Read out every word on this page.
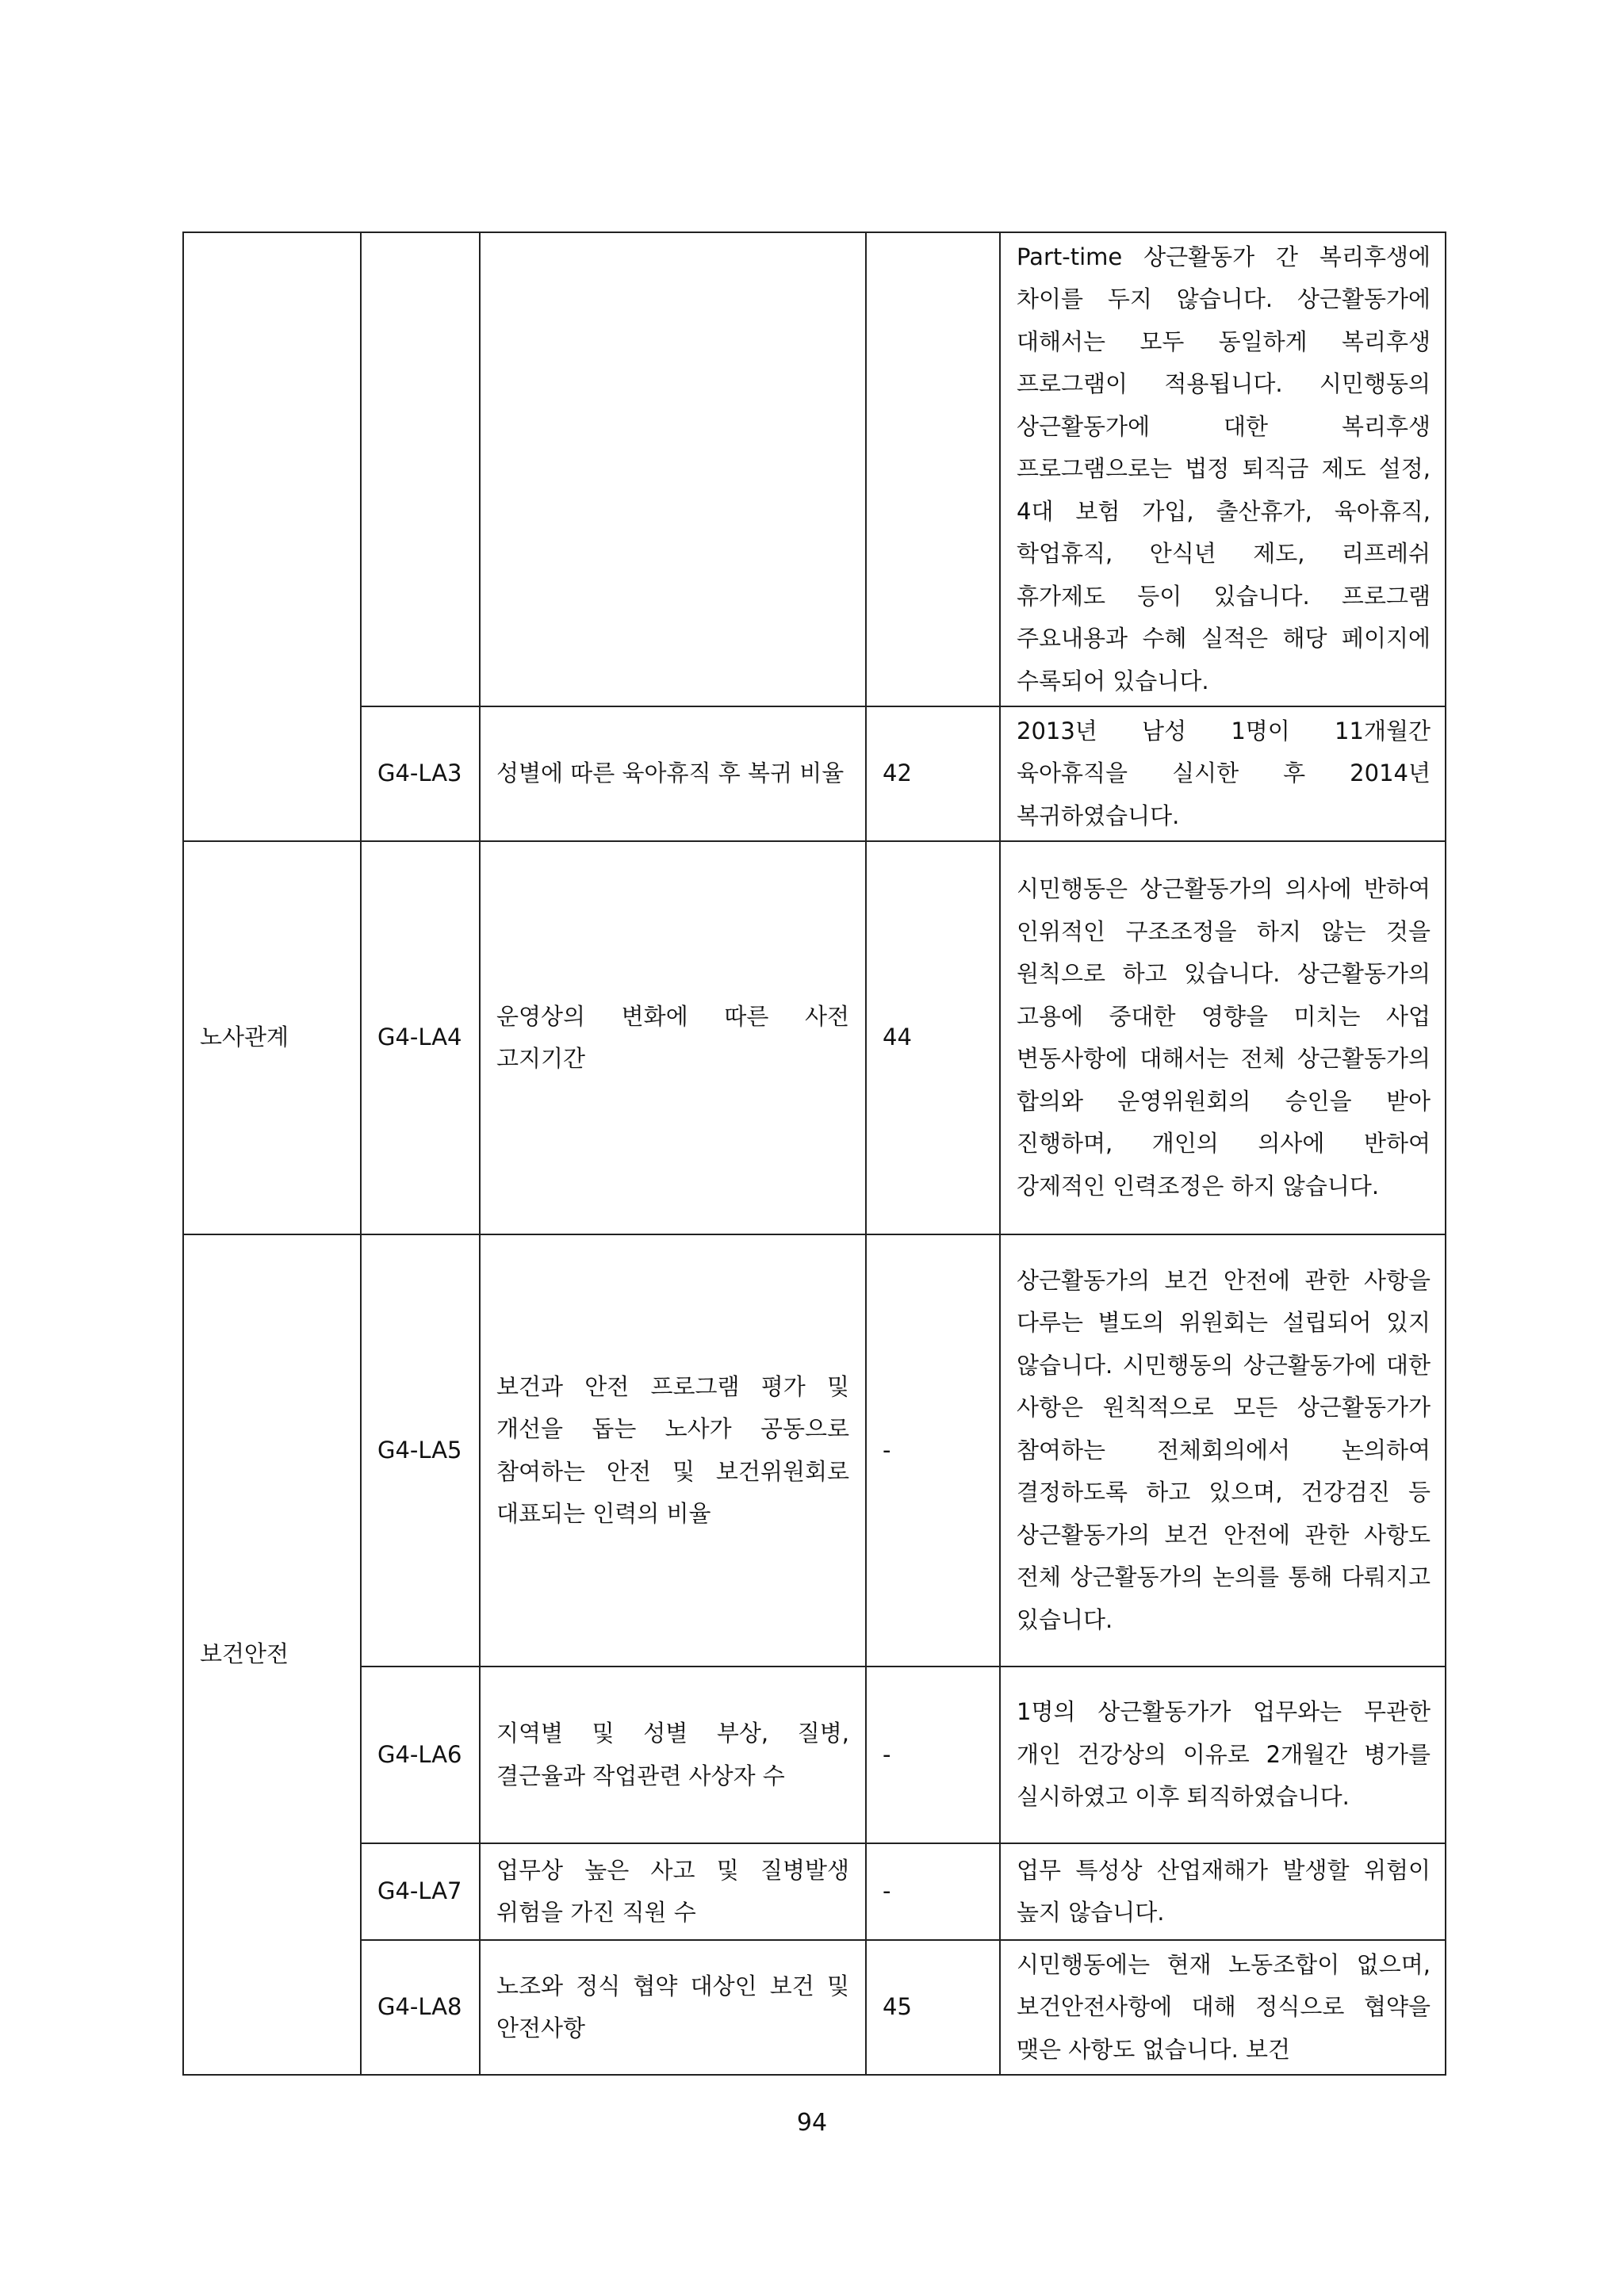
				Part-time 상근활동가 간 복리후생에 차이를 두지 않습니다. 상근활동가에 대해서는 모두 동일하게 복리후생 프로그램이 적용됩니다. 시민행동의 상근활동가에 대한 복리후생 프로그램으로는 법정 퇴직금 제도 설정, 4대 보험 가입, 출산휴가, 육아휴직, 학업휴직, 안식년 제도, 리프레쉬 휴가제도 등이 있습니다. 프로그램 주요내용과 수혜 실적은 해당 페이지에 수록되어 있습니다.
	G4-LA3	성별에 따른 육아휴직 후 복귀 비율	42	2013년 남성 1명이 11개월간 육아휴직을 실시한 후 2014년 복귀하였습니다.
노사관계	G4-LA4	운영상의 변화에 따른 사전 고지기간	44	시민행동은 상근활동가의 의사에 반하여 인위적인 구조조정을 하지 않는 것을 원칙으로 하고 있습니다. 상근활동가의 고용에 중대한 영향을 미치는 사업 변동사항에 대해서는 전체 상근활동가의 합의와 운영위원회의 승인을 받아 진행하며, 개인의 의사에 반하여 강제적인 인력조정은 하지 않습니다.
보건안전	G4-LA5	보건과 안전 프로그램 평가 및 개선을 돕는 노사가 공동으로 참여하는 안전 및 보건위원회로 대표되는 인력의 비율	-	상근활동가의 보건 안전에 관한 사항을 다루는 별도의 위원회는 설립되어 있지 않습니다. 시민행동의 상근활동가에 대한 사항은 원칙적으로 모든 상근활동가가 참여하는 전체회의에서 논의하여 결정하도록 하고 있으며, 건강검진 등 상근활동가의 보건 안전에 관한 사항도 전체 상근활동가의 논의를 통해 다뤄지고 있습니다.
	G4-LA6	지역별 및 성별 부상, 질병, 결근율과 작업관련 사상자 수	-	1명의 상근활동가가 업무와는 무관한 개인 건강상의 이유로 2개월간 병가를 실시하였고 이후 퇴직하였습니다.
	G4-LA7	업무상 높은 사고 및 질병발생 위험을 가진 직원 수	-	업무 특성상 산업재해가 발생할 위험이 높지 않습니다.
	G4-LA8	노조와 정식 협약 대상인 보건 및 안전사항	45	시민행동에는 현재 노동조합이 없으며, 보건안전사항에 대해 정식으로 협약을 맺은 사항도 없습니다. 보건
94
